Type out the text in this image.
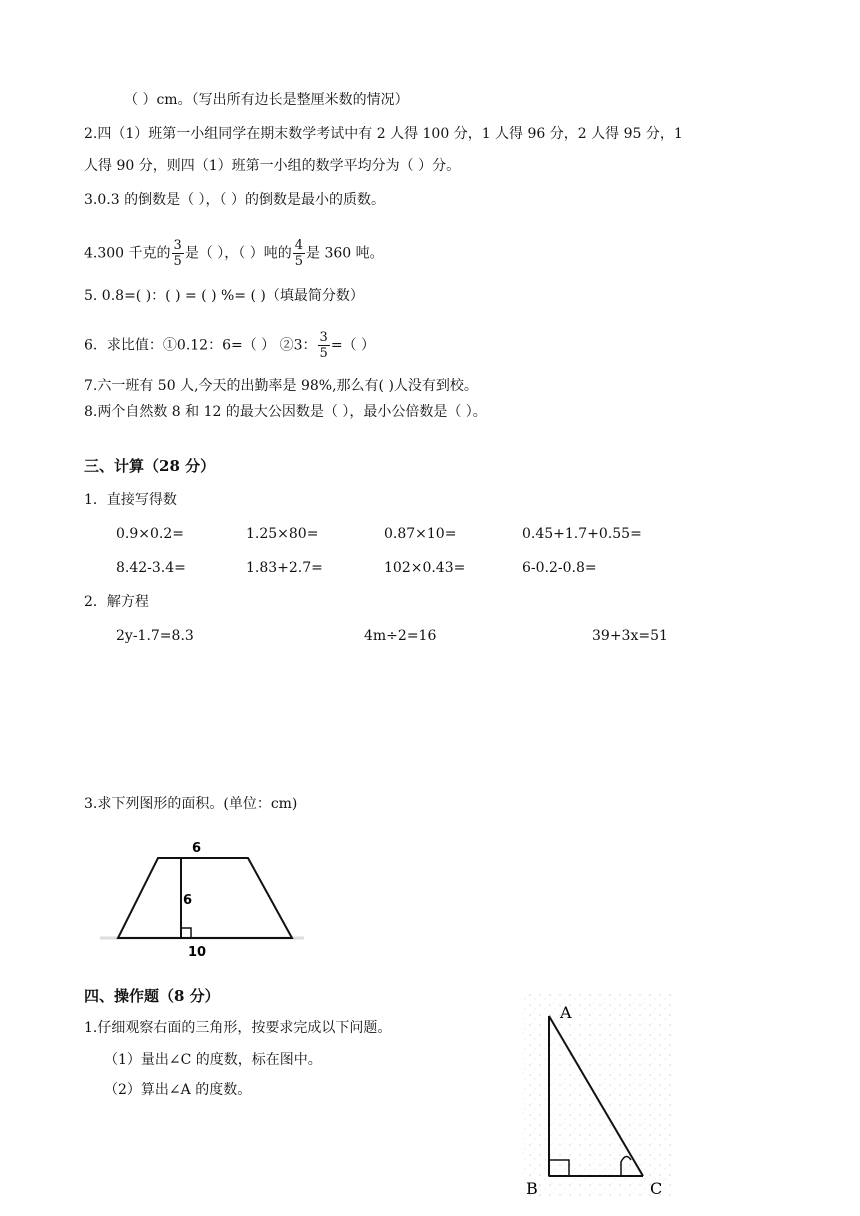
（ ）cm。（写出所有边长是整厘米数的情况）
2.四（1）班第一小组同学在期末数学考试中有 2 人得 100 分，1 人得 96 分，2 人得 95 分，1
人得 90 分，则四（1）班第一小组的数学平均分为（ ）分。
3.0.3 的倒数是（ ），（ ）的倒数是最小的质数。
4.300 千克的 $\frac{3}{5}$ 是（ ），（ ）吨的 $\frac{4}{5}$ 是 360 吨。
5. 0.8=( )：( ) = ( ) %= ( )（填最简分数）
6．求比值：①0.12：6=（ ） ②3： $\frac{3}{5}$ =（ ）
7.六一班有 50 人,今天的出勤率是 98%,那么有( )人没有到校。
8.两个自然数 8 和 12 的最大公因数是（ ），最小公倍数是（ ）。
三、计算（28 分）
1．直接写得数
0.9×0.2=	1.25×80=	0.87×10=	0.45+1.7+0.55=
8.42-3.4=	1.83+2.7=	102×0.43=	6-0.2-0.8=
2．解方程
2y-1.7=8.3	4m÷2=16	39+3x=51
3.求下列图形的面积。(单位：cm)
6
6
10
四、操作题（8 分）
1.仔细观察右面的三角形，按要求完成以下问题。
（1）量出∠C 的度数，标在图中。
（2）算出∠A 的度数。
A
B	C
